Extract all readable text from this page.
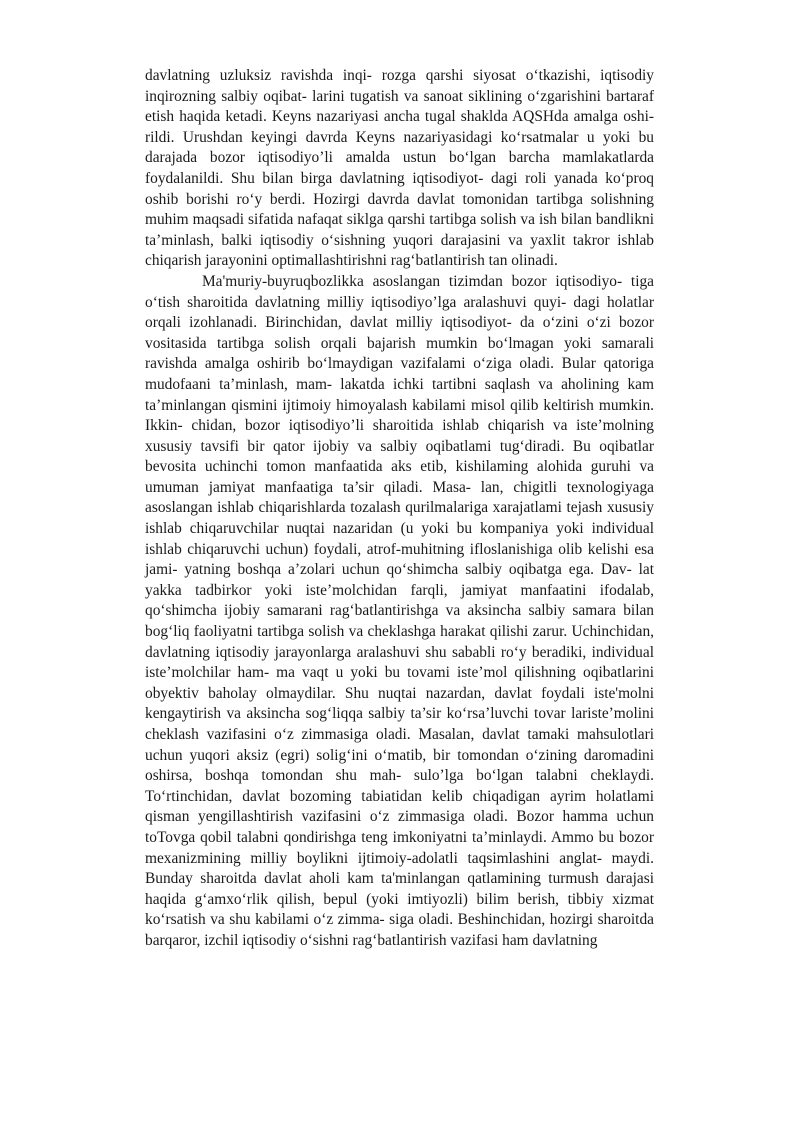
davlatning uzluksiz ravishda inqi- rozga qarshi siyosat o‘tkazishi, iqtisodiy inqirozning salbiy oqibat- larini tugatish va sanoat siklining o‘zgarishini bartaraf etish haqida ketadi. Keyns nazariyasi ancha tugal shaklda AQSHda amalga oshi- rildi. Urushdan keyingi davrda Keyns nazariyasidagi ko‘rsatmalar u yoki bu darajada bozor iqtisodiyo’li amalda ustun bo‘lgan barcha mamlakatlarda foydalanildi. Shu bilan birga davlatning iqtisodiyot- dagi roli yanada ko‘proq oshib borishi ro‘y berdi. Hozirgi davrda davlat tomonidan tartibga solishning muhim maqsadi sifatida nafaqat siklga qarshi tartibga solish va ish bilan bandlikni ta’minlash, balki iqtisodiy o‘sishning yuqori darajasini va yaxlit takror ishlab chiqarish jarayonini optimallashtirishni rag‘batlantirish tan olinadi.

Ma'muriy-buyruqbozlikka asoslangan tizimdan bozor iqtisodiyo- tiga o‘tish sharoitida davlatning milliy iqtisodiyo’lga aralashuvi quyi- dagi holatlar orqali izohlanadi. Birinchidan, davlat milliy iqtisodiyot- da o‘zini o‘zi bozor vositasida tartibga solish orqali bajarish mumkin bo‘lmagan yoki samarali ravishda amalga oshirib bo‘lmaydigan vazifalami o‘ziga oladi. Bular qatoriga mudofaani ta’minlash, mam- lakatda ichki tartibni saqlash va aholining kam ta’minlangan qismini ijtimoiy himoyalash kabilami misol qilib keltirish mumkin. Ikkin- chidan, bozor iqtisodiyo’li sharoitida ishlab chiqarish va iste’molning xususiy tavsifi bir qator ijobiy va salbiy oqibatlami tug‘diradi. Bu oqibatlar bevosita uchinchi tomon manfaatida aks etib, kishilaming alohida guruhi va umuman jamiyat manfaatiga ta’sir qiladi. Masa- lan, chigitli texnologiyaga asoslangan ishlab chiqarishlarda tozalash qurilmalariga xarajatlami tejash xususiy ishlab chiqaruvchilar nuqtai nazaridan (u yoki bu kompaniya yoki individual ishlab chiqaruvchi uchun) foydali, atrof-muhitning ifloslanishiga olib kelishi esa jami- yatning boshqa a’zolari uchun qo‘shimcha salbiy oqibatga ega. Dav- lat yakka tadbirkor yoki iste’molchidan farqli, jamiyat manfaatini ifodalab, qo‘shimcha ijobiy samarani rag‘batlantirishga va aksincha salbiy samara bilan bog‘liq faoliyatni tartibga solish va cheklashga harakat qilishi zarur. Uchinchidan, davlatning iqtisodiy jarayonlarga aralashuvi shu sababli ro‘y beradiki, individual iste’molchilar ham- ma vaqt u yoki bu tovami iste’mol qilishning oqibatlarini obyektiv baholay olmaydilar. Shu nuqtai nazardan, davlat foydali iste'molni kengaytirish va aksincha sog‘liqqa salbiy ta’sir ko‘rsa’luvchi tovar lariste’molini cheklash vazifasini o‘z zimmasiga oladi. Masalan, davlat tamaki mahsulotlari uchun yuqori aksiz (egri) solig‘ini o‘matib, bir tomondan o‘zining daromadini oshirsa, boshqa tomondan shu mah- sulo’lga bo‘lgan talabni cheklaydi. To‘rtinchidan, davlat bozoming tabiatidan kelib chiqadigan ayrim holatlami qisman yengillashtirish vazifasini o‘z zimmasiga oladi. Bozor hamma uchun toTovga qobil talabni qondirishga teng imkoniyatni ta’minlaydi. Ammo bu bozor mexanizmining milliy boylikni ijtimoiy-adolatli taqsimlashini anglat- maydi. Bunday sharoitda davlat aholi kam ta'minlangan qatlamining turmush darajasi haqida g‘amxo‘rlik qilish, bepul (yoki imtiyozli) bilim berish, tibbiy xizmat ko‘rsatish va shu kabilami o‘z zimma- siga oladi. Beshinchidan, hozirgi sharoitda barqaror, izchil iqtisodiy o‘sishni rag‘batlantirish vazifasi ham davlatning
